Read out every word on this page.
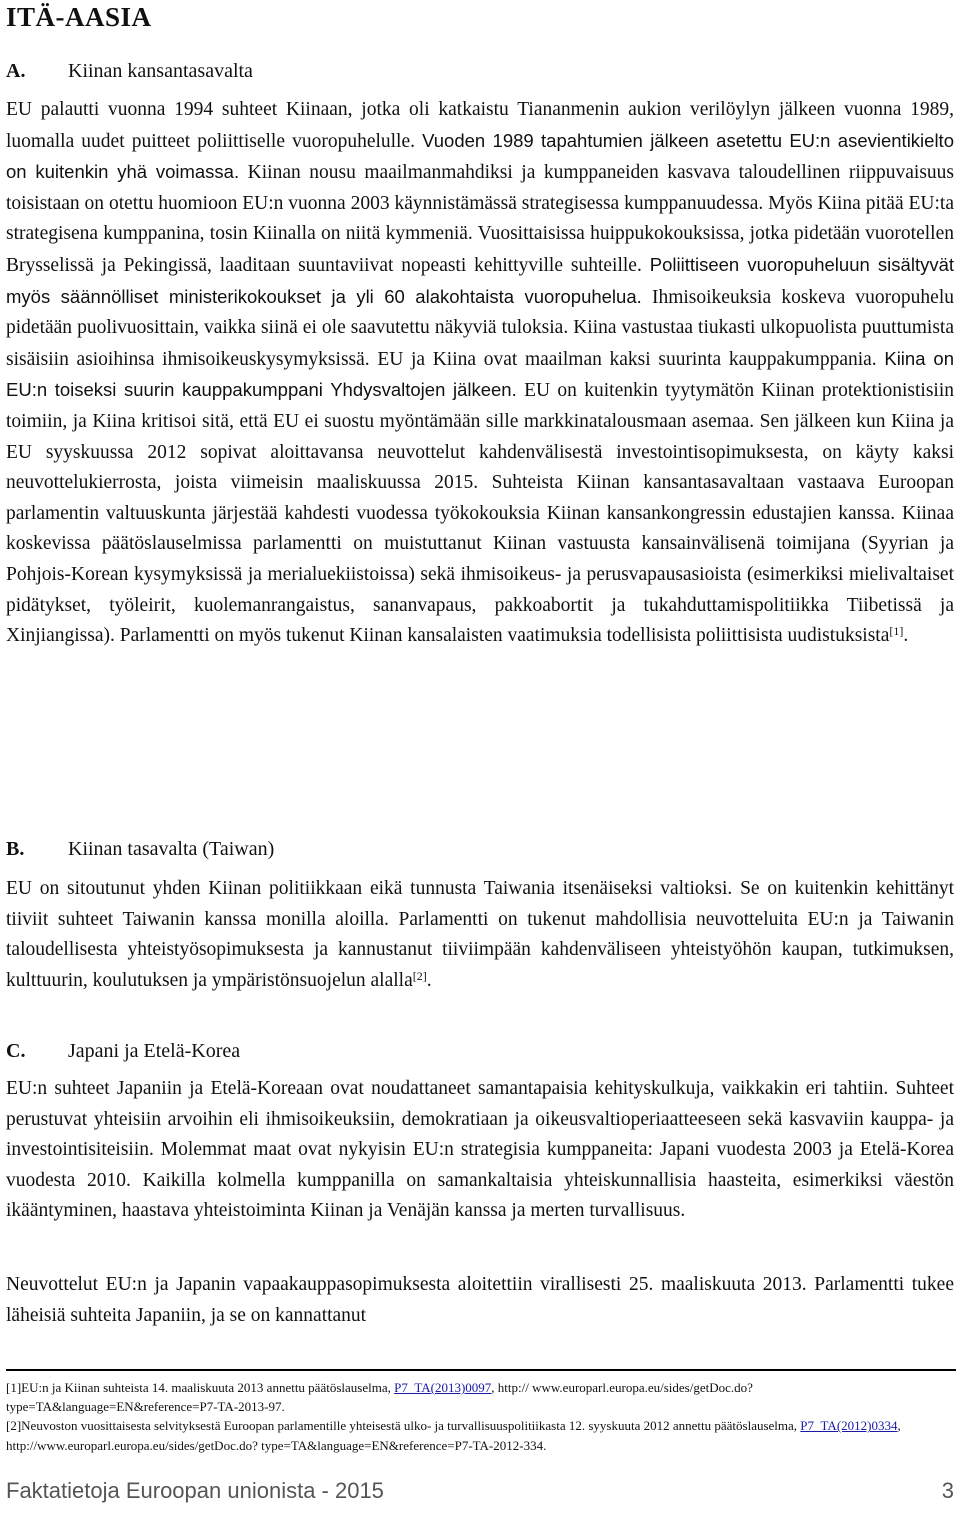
ITÄ-AASIA
A. Kiinan kansantasavalta

EU palautti vuonna 1994 suhteet Kiinaan, jotka oli katkaistu Tiananmenin aukion verilöylyn jälkeen vuonna 1989, luomalla uudet puitteet poliittiselle vuoropuhelulle. Vuoden 1989 tapahtumien jälkeen asetettu EU:n asevientikielto on kuitenkin yhä voimassa. Kiinan nousu maailmanmahdiksi ja kumppaneiden kasvava taloudellinen riippuvaisuus toisistaan on otettu huomioon EU:n vuonna 2003 käynnistämässä strategisessa kumppanuudessa. Myös Kiina pitää EU:ta strategisena kumppanina, tosin Kiinalla on niitä kymmeniä. Vuosittaisissa huippukokouksissa, jotka pidetään vuorotellen Brysselissä ja Pekingissä, laaditaan suuntaviivat nopeasti kehittyville suhteille. Poliittiseen vuoropuheluun sisältyvät myös säännölliset ministerikokoukset ja yli 60 alakohtaista vuoropuhelua. Ihmisoikeuksia koskeva vuoropuhelu pidetään puolivuosittain, vaikka siinä ei ole saavutettu näkyviä tuloksia. Kiina vastustaa tiukasti ulkopuolista puuttumista sisäisiin asioihinsa ihmisoikeuskysymyksissä. EU ja Kiina ovat maailman kaksi suurinta kauppakumppania. Kiina on EU:n toiseksi suurin kauppakumppani Yhdysvaltojen jälkeen. EU on kuitenkin tyytymätön Kiinan protektionistisiin toimiin, ja Kiina kritisoi sitä, että EU ei suostu myöntämään sille markkinatalousmaan asemaa. Sen jälkeen kun Kiina ja EU syyskuussa 2012 sopivat aloittavansa neuvottelut kahdenvälisestä investointisopimuksesta, on käyty kaksi neuvottelukierrosta, joista viimeisin maaliskuussa 2015. Suhteista Kiinan kansantasavaltaan vastaava Euroopan parlamentin valtuuskunta järjestää kahdesti vuodessa työkokouksia Kiinan kansankongressin edustajien kanssa. Kiinaa koskevissa päätöslauselmissa parlamentti on muistuttanut Kiinan vastuusta kansainvälisenä toimijana (Syyrian ja Pohjois-Korean kysymyksissä ja merialuekiistoissa) sekä ihmisoikeus- ja perusvapausasioista (esimerkiksi mielivaltaiset pidätykset, työleirit, kuolemanrangaistus, sananvapaus, pakkoabortit ja tukahduttamispolitiikka Tiibetissä ja Xinjiangissa). Parlamentti on myös tukenut Kiinan kansalaisten vaatimuksia todellisista poliittisista uudistuksista[1].

B. Kiinan tasavalta (Taiwan)

EU on sitoutunut yhden Kiinan politiikkaan eikä tunnusta Taiwania itsenäiseksi valtioksi. Se on kuitenkin kehittänyt tiiviit suhteet Taiwanin kanssa monilla aloilla. Parlamentti on tukenut mahdollisia neuvotteluita EU:n ja Taiwanin taloudellisesta yhteistyösopimuksesta ja kannustanut tiiviimpään kahdenväliseen yhteistyöhön kaupan, tutkimuksen, kulttuurin, koulutuksen ja ympäristönsuojelun alalla[2].

C. Japani ja Etelä-Korea

EU:n suhteet Japaniin ja Etelä-Koreaan ovat noudattaneet samantapaisia kehityskulkuja, vaikkakin eri tahtiin. Suhteet perustuvat yhteisiin arvoihin eli ihmisoikeuksiin, demokratiaan ja oikeusvaltioperiaatteeseen sekä kasvaviin kauppa- ja investointisiteisiin. Molemmat maat ovat nykyisin EU:n strategisia kumppaneita: Japani vuodesta 2003 ja Etelä-Korea vuodesta 2010. Kaikilla kolmella kumppanilla on samankaltaisia yhteiskunnallisia haasteita, esimerkiksi väestön ikääntyminen, haastava yhteistoiminta Kiinan ja Venäjän kanssa ja merten turvallisuus.

Neuvottelut EU:n ja Japanin vapaakauppasopimuksesta aloitettiin virallisesti 25. maaliskuuta 2013. Parlamentti tukee läheisiä suhteita Japaniin, ja se on kannattanut

[1]EU:n ja Kiinan suhteista 14. maaliskuuta 2013 annettu päätöslauselma, P7_TA(2013)0097, http:// www.europarl.europa.eu/sides/getDoc.do?type=TA&language=EN&reference=P7-TA-2013-97.

[2]Neuvoston vuosittaisesta selvityksestä Euroopan parlamentille yhteisestä ulko- ja turvallisuuspolitiikasta 12. syyskuuta 2012 annettu päätöslauselma, P7_TA(2012)0334, http://www.europarl.europa.eu/sides/getDoc.do? type=TA&language=EN&reference=P7-TA-2012-334.

Faktatietoja Euroopan unionista - 2015	3
